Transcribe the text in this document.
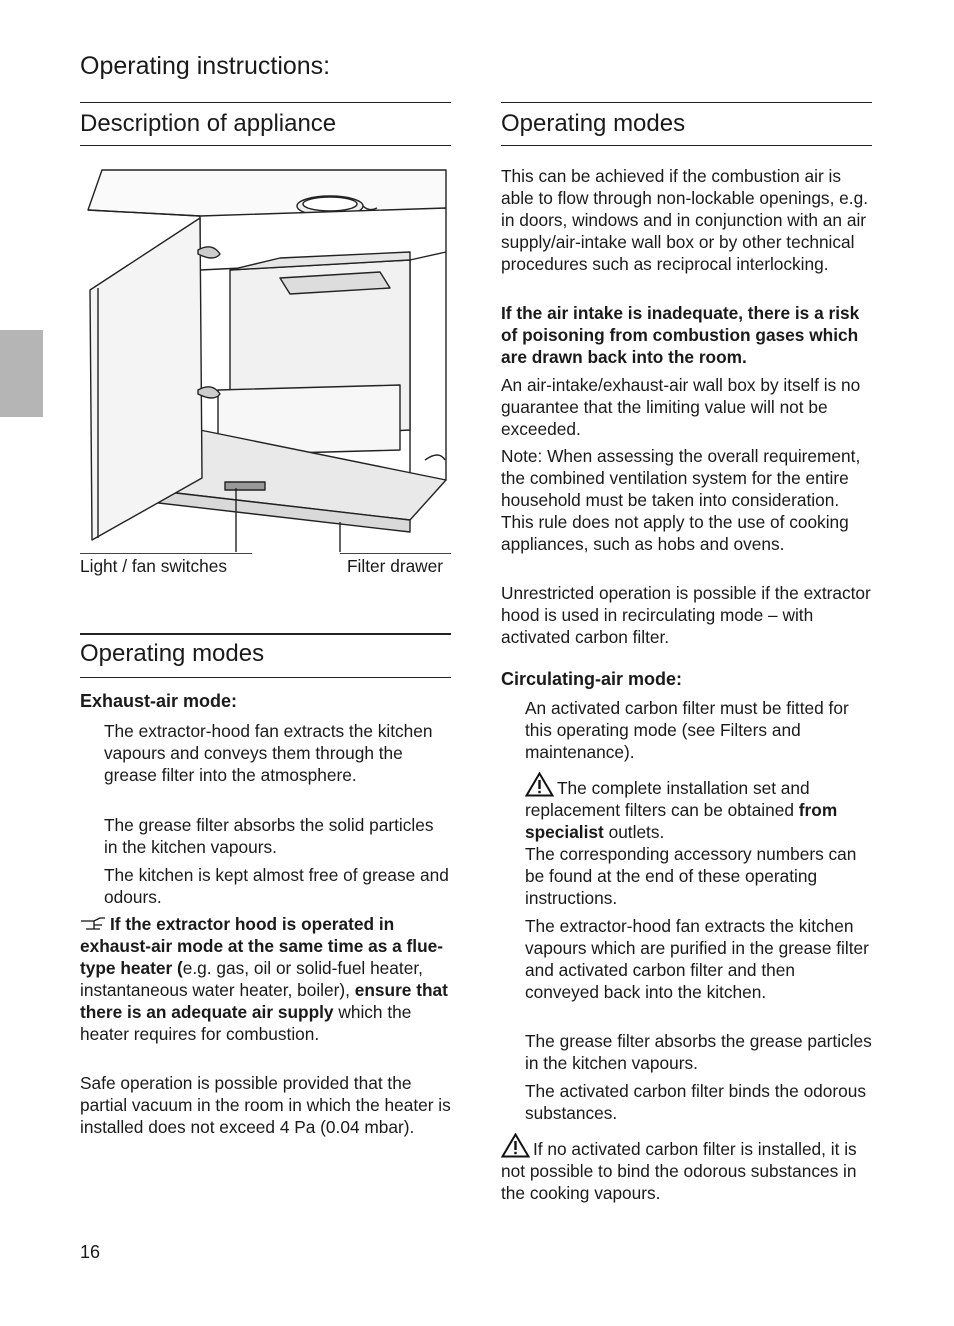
Operating instructions:
Description of appliance
Light / fan switches	Filter drawer
Operating modes
Exhaust-air mode:

The extractor-hood fan extracts the kitchen vapours and conveys them through the grease filter into the atmosphere.

The grease filter absorbs the solid particles in the kitchen vapours.

The kitchen is kept almost free of grease and odours.

If the extractor hood is operated in exhaust-air mode at the same time as a flue-type heater (e.g. gas, oil or solid-fuel heater, instantaneous water heater, boiler), ensure that there is an adequate air supply which the heater requires for combustion.

Safe operation is possible provided that the partial vacuum in the room in which the heater is installed does not exceed 4 Pa (0.04 mbar).

Operating modes

This can be achieved if the combustion air is able to flow through non-lockable openings, e.g. in doors, windows and in conjunction with an air supply/air-intake wall box or by other technical procedures such as reciprocal interlocking.

If the air intake is inadequate, there is a risk of poisoning from combustion gases which are drawn back into the room.

An air-intake/exhaust-air wall box by itself is no guarantee that the limiting value will not be exceeded.

Note: When assessing the overall requirement, the combined ventilation system for the entire household must be taken into consideration. This rule does not apply to the use of cooking appliances, such as hobs and ovens.

Unrestricted operation is possible if the extractor hood is used in recirculating mode – with activated carbon filter.

Circulating-air mode:

An activated carbon filter must be fitted for this operating mode (see Filters and maintenance).

The complete installation set and replacement filters can be obtained from specialist outlets.
The corresponding accessory numbers can be found at the end of these operating instructions.

The extractor-hood fan extracts the kitchen vapours which are purified in the grease filter and activated carbon filter and then conveyed back into the kitchen.

The grease filter absorbs the grease particles in the kitchen vapours.

The activated carbon filter binds the odorous substances.

If no activated carbon filter is installed, it is not possible to bind the odorous substances in the cooking vapours.

16
